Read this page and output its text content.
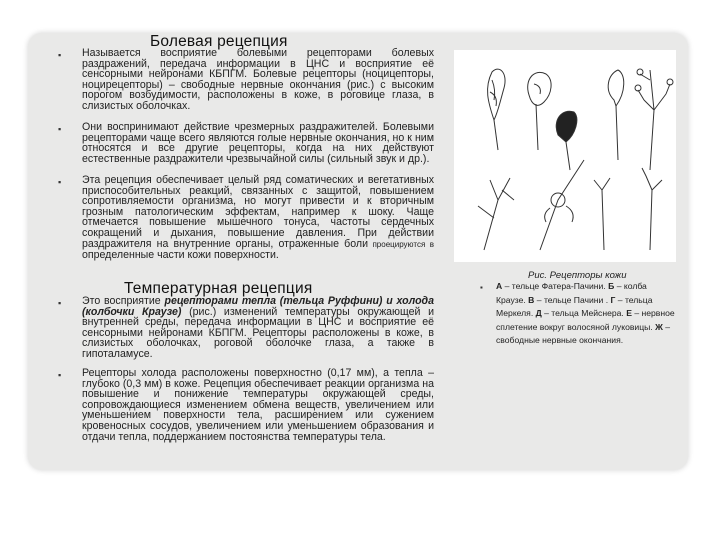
Болевая рецепция
▪ Называется восприятие болевыми рецепторами болевых раздражений, передача информации в ЦНС и восприятие её сенсорными нейронами КБПГМ. Болевые рецепторы (ноцицепторы, ноцирецепторы) – свободные нервные окончания (рис.) с высоким порогом возбудимости, расположены в коже, в роговице глаза, в слизистых оболочках.
▪ Они воспринимают действие чрезмерных раздражителей. Болевыми рецепторами чаще всего являются голые нервные окончания, но к ним относятся и все другие рецепторы, когда на них действуют естественные раздражители чрезвычайной силы (сильный звук и др.).
▪ Эта рецепция обеспечивает целый ряд соматических и вегетативных приспособительных реакций, связанных с защитой, повышением сопротивляемости организма, но могут привести и к вторичным грозным патологическим эффектам, например к шоку. Чаще отмечается повышение мышечного тонуса, частоты сердечных сокращений и дыхания, повышение давления. При действии раздражителя на внутренние органы, отраженные боли проецируются в определенные части кожи поверхности.
Температурная рецепция
▪ Это восприятие рецепторами тепла (тельца Руффини) и холода (колбочки Краузе) (рис.) изменений температуры окружающей и внутренней среды, передача информации в ЦНС и восприятие её сенсорными нейронами КБПГМ. Рецепторы расположены в коже, в слизистых оболочках, роговой оболочке глаза, а также в гипоталамусе.
▪ Рецепторы холода расположены поверхностно (0,17 мм), а тепла – глубоко (0,3 мм) в коже. Рецепция обеспечивает реакции организма на повышение и понижение температуры окружающей среды, сопровождающиеся изменением обмена веществ, увеличением или уменьшением поверхности тела, расширением или сужением кровеносных сосудов, увеличением или уменьшением образования и отдачи тепла, поддержанием постоянства температуры тела.
Рис. Рецепторы кожи
▪ А – тельце Фатера-Пачини. Б – колба Краузе. В – тельце Пачини . Г – тельца Меркеля. Д – тельца Мейснера. Е – нервное сплетение вокруг волосяной луковицы. Ж – свободные нервные окончания.
